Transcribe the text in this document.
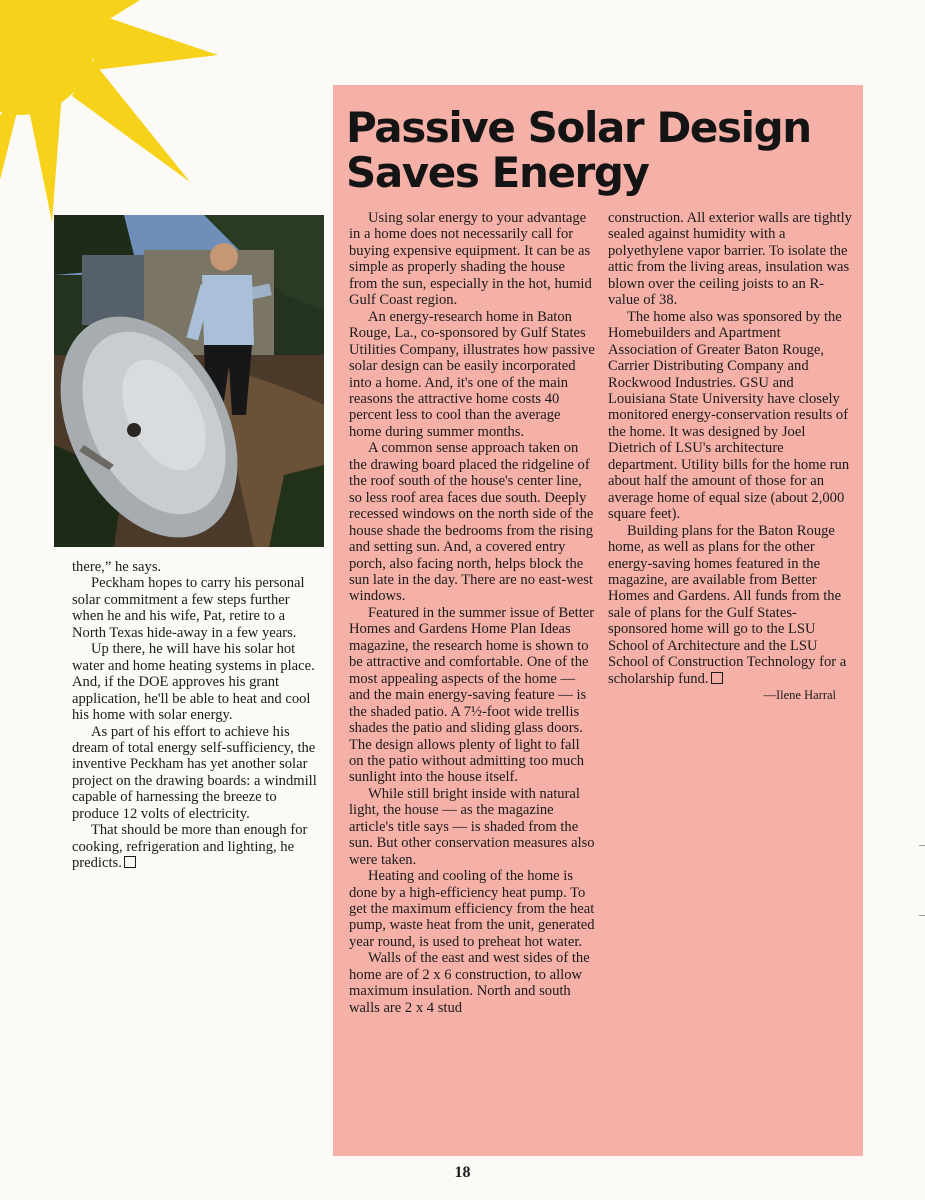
there,” he says.

Peckham hopes to carry his personal solar commitment a few steps further when he and his wife, Pat, retire to a North Texas hide-away in a few years.

Up there, he will have his solar hot water and home heating systems in place. And, if the DOE approves his grant application, he'll be able to heat and cool his home with solar energy.

As part of his effort to achieve his dream of total energy self-sufficiency, the inventive Peckham has yet another solar project on the drawing boards: a windmill capable of harnessing the breeze to produce 12 volts of electricity.

That should be more than enough for cooking, refrigeration and lighting, he predicts.

Passive Solar Design Saves Energy

Using solar energy to your advantage in a home does not necessarily call for buying expensive equipment. It can be as simple as properly shading the house from the sun, especially in the hot, humid Gulf Coast region.

An energy-research home in Baton Rouge, La., co-sponsored by Gulf States Utilities Company, illustrates how passive solar design can be easily incorporated into a home. And, it's one of the main reasons the attractive home costs 40 percent less to cool than the average home during summer months.

A common sense approach taken on the drawing board placed the ridgeline of the roof south of the house's center line, so less roof area faces due south. Deeply recessed windows on the north side of the house shade the bedrooms from the rising and setting sun. And, a covered entry porch, also facing north, helps block the sun late in the day. There are no east-west windows.

Featured in the summer issue of Better Homes and Gardens Home Plan Ideas magazine, the research home is shown to be attractive and comfortable. One of the most appealing aspects of the home — and the main energy-saving feature — is the shaded patio. A 7½-foot wide trellis shades the patio and sliding glass doors. The design allows plenty of light to fall on the patio without admitting too much sunlight into the house itself.

While still bright inside with natural light, the house — as the magazine article's title says — is shaded from the sun. But other conservation measures also were taken.

Heating and cooling of the home is done by a high-efficiency heat pump. To get the maximum efficiency from the heat pump, waste heat from the unit, generated year round, is used to preheat hot water.

Walls of the east and west sides of the home are of 2 x 6 construction, to allow maximum insulation. North and south walls are 2 x 4 stud

construction. All exterior walls are tightly sealed against humidity with a polyethylene vapor barrier. To isolate the attic from the living areas, insulation was blown over the ceiling joists to an R-value of 38.

The home also was sponsored by the Homebuilders and Apartment Association of Greater Baton Rouge, Carrier Distributing Company and Rockwood Industries. GSU and Louisiana State University have closely monitored energy-conservation results of the home. It was designed by Joel Dietrich of LSU's architecture department. Utility bills for the home run about half the amount of those for an average home of equal size (about 2,000 square feet).

Building plans for the Baton Rouge home, as well as plans for the other energy-saving homes featured in the magazine, are available from Better Homes and Gardens. All funds from the sale of plans for the Gulf States-sponsored home will go to the LSU School of Architecture and the LSU School of Construction Technology for a scholarship fund.

—Ilene Harral

18
